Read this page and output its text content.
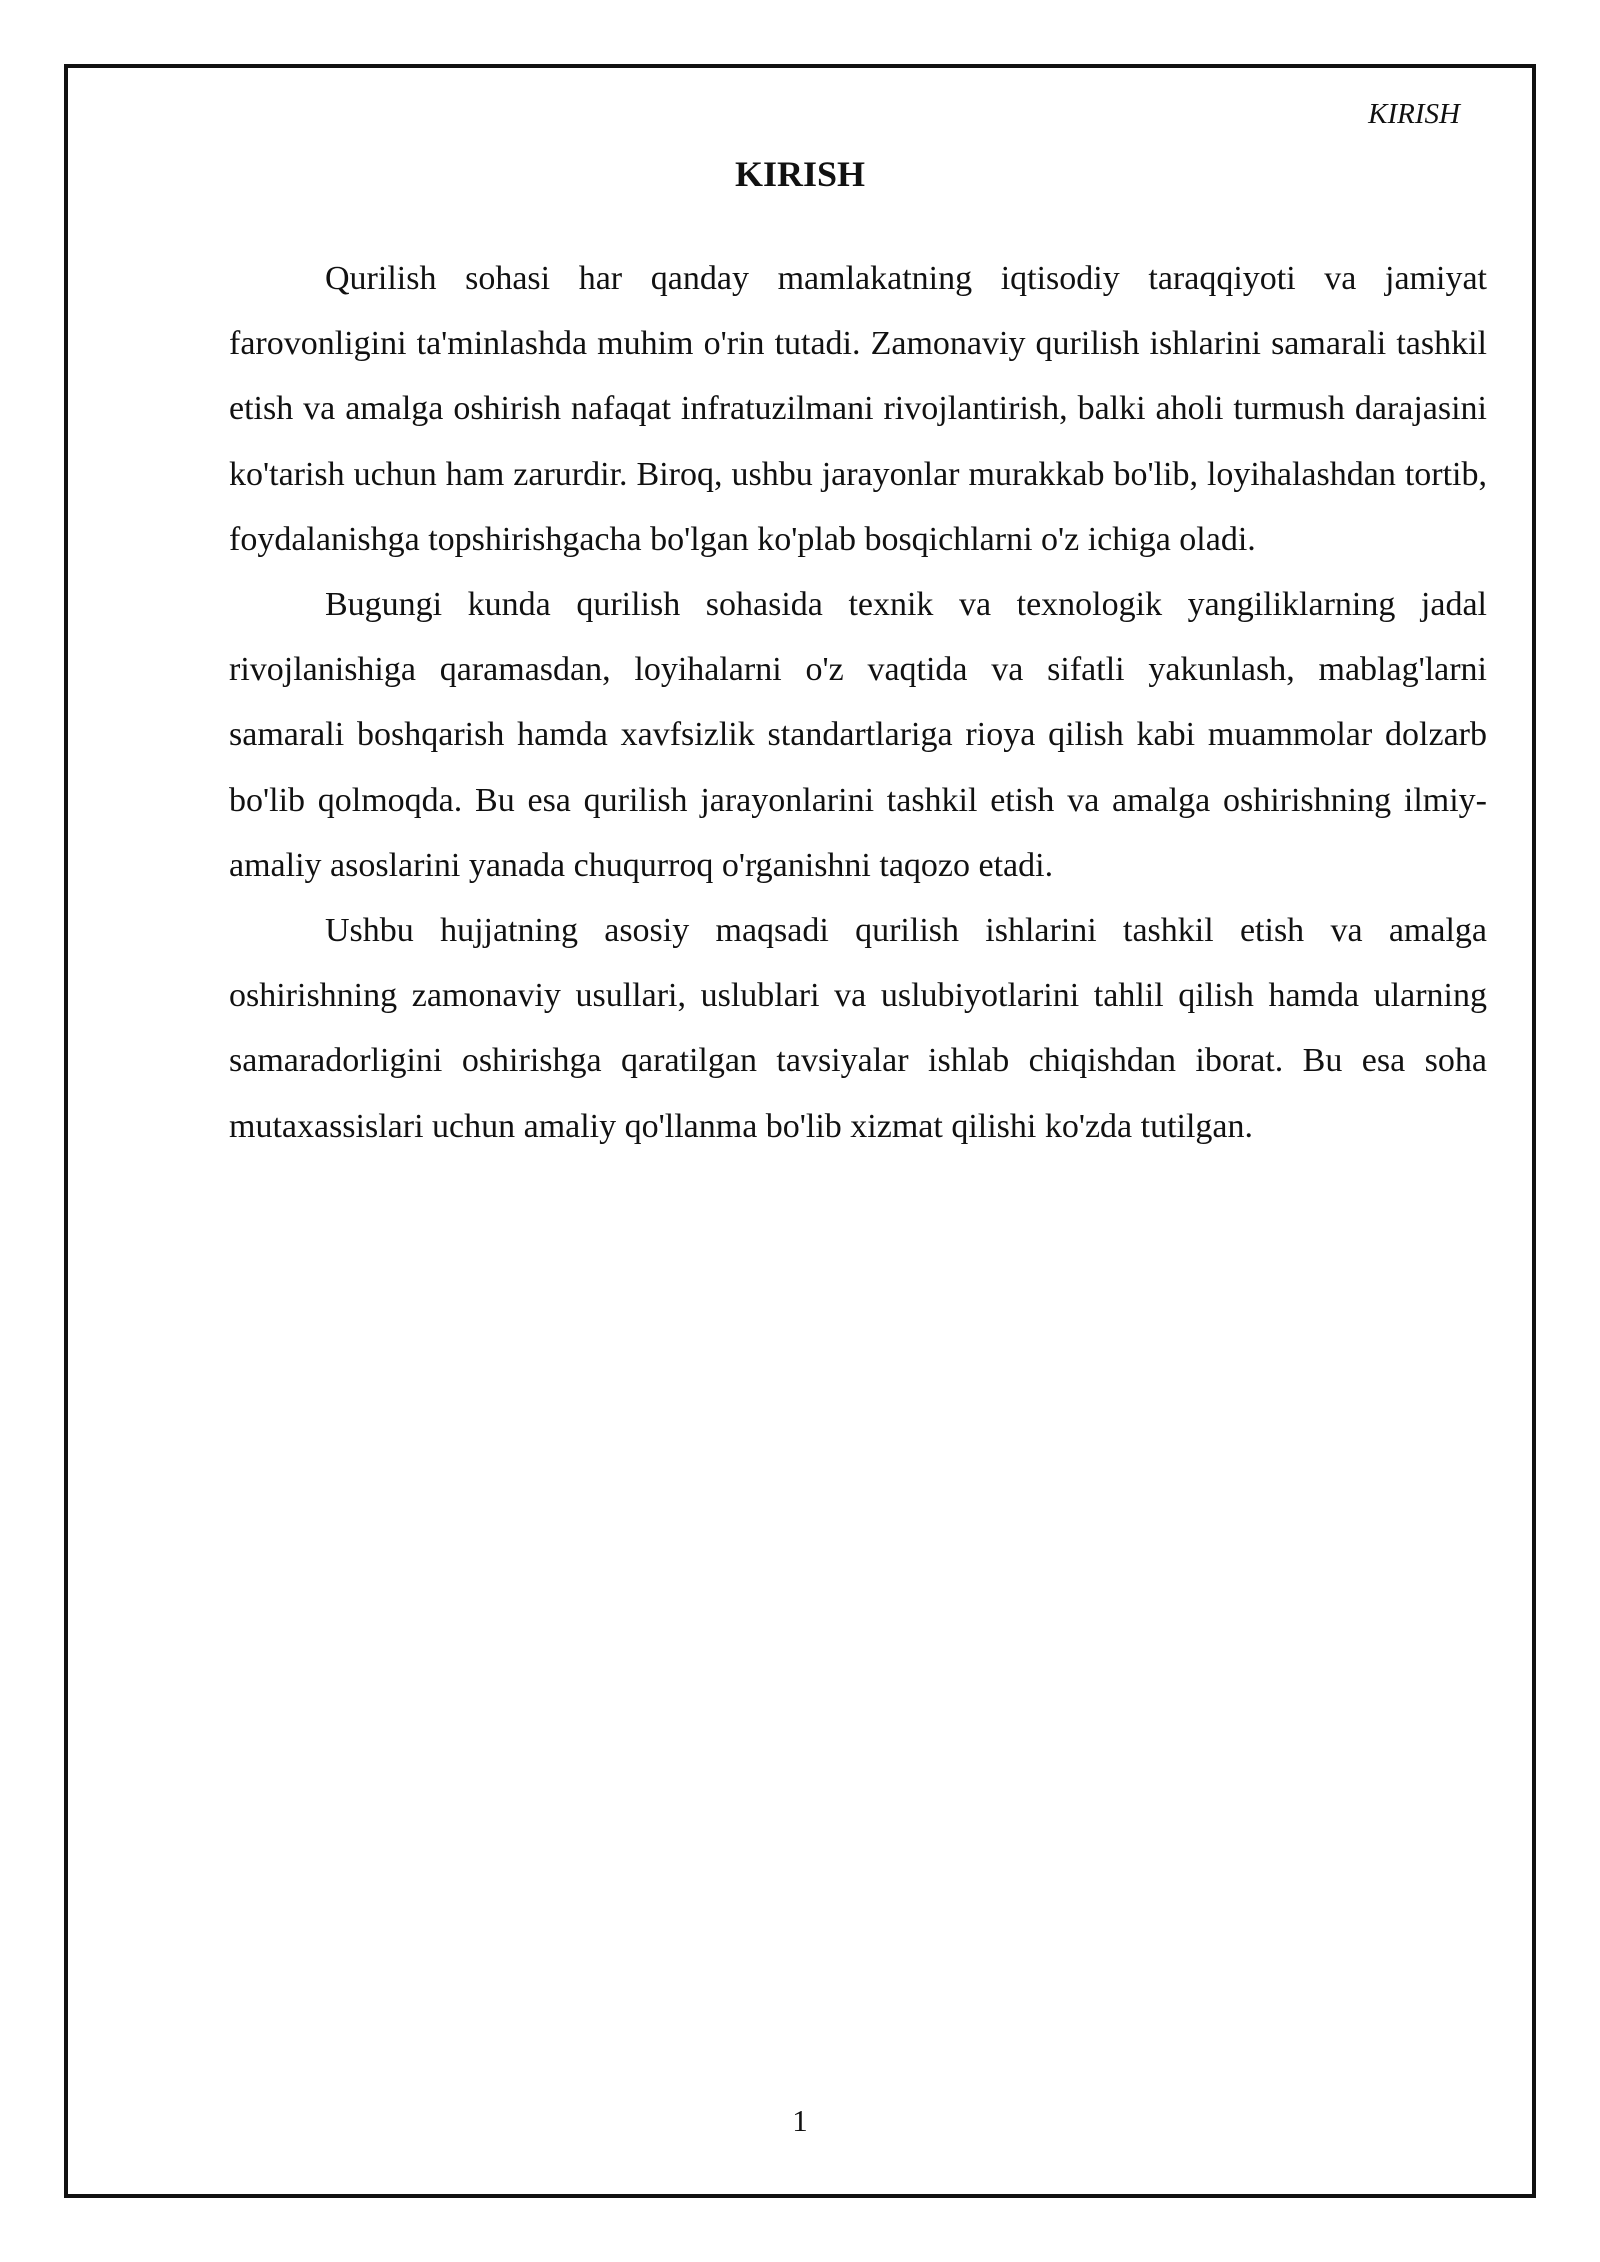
KIRISH
KIRISH

Qurilish sohasi har qanday mamlakatning iqtisodiy taraqqiyoti va jamiyat farovonligini ta'minlashda muhim o'rin tutadi. Zamonaviy qurilish ishlarini samarali tashkil etish va amalga oshirish nafaqat infratuzilmani rivojlantirish, balki aholi turmush darajasini ko'tarish uchun ham zarurdir. Biroq, ushbu jarayonlar murakkab bo'lib, loyihalashdan tortib, foydalanishga topshirishgacha bo'lgan ko'plab bosqichlarni o'z ichiga oladi.

Bugungi kunda qurilish sohasida texnik va texnologik yangiliklarning jadal rivojlanishiga qaramasdan, loyihalarni o'z vaqtida va sifatli yakunlash, mablag'larni samarali boshqarish hamda xavfsizlik standartlariga rioya qilish kabi muammolar dolzarb bo'lib qolmoqda. Bu esa qurilish jarayonlarini tashkil etish va amalga oshirishning ilmiy-amaliy asoslarini yanada chuqurroq o'rganishni taqozo etadi.

Ushbu hujjatning asosiy maqsadi qurilish ishlarini tashkil etish va amalga oshirishning zamonaviy usullari, uslublari va uslubiyotlarini tahlil qilish hamda ularning samaradorligini oshirishga qaratilgan tavsiyalar ishlab chiqishdan iborat. Bu esa soha mutaxassislari uchun amaliy qo'llanma bo'lib xizmat qilishi ko'zda tutilgan.

1
